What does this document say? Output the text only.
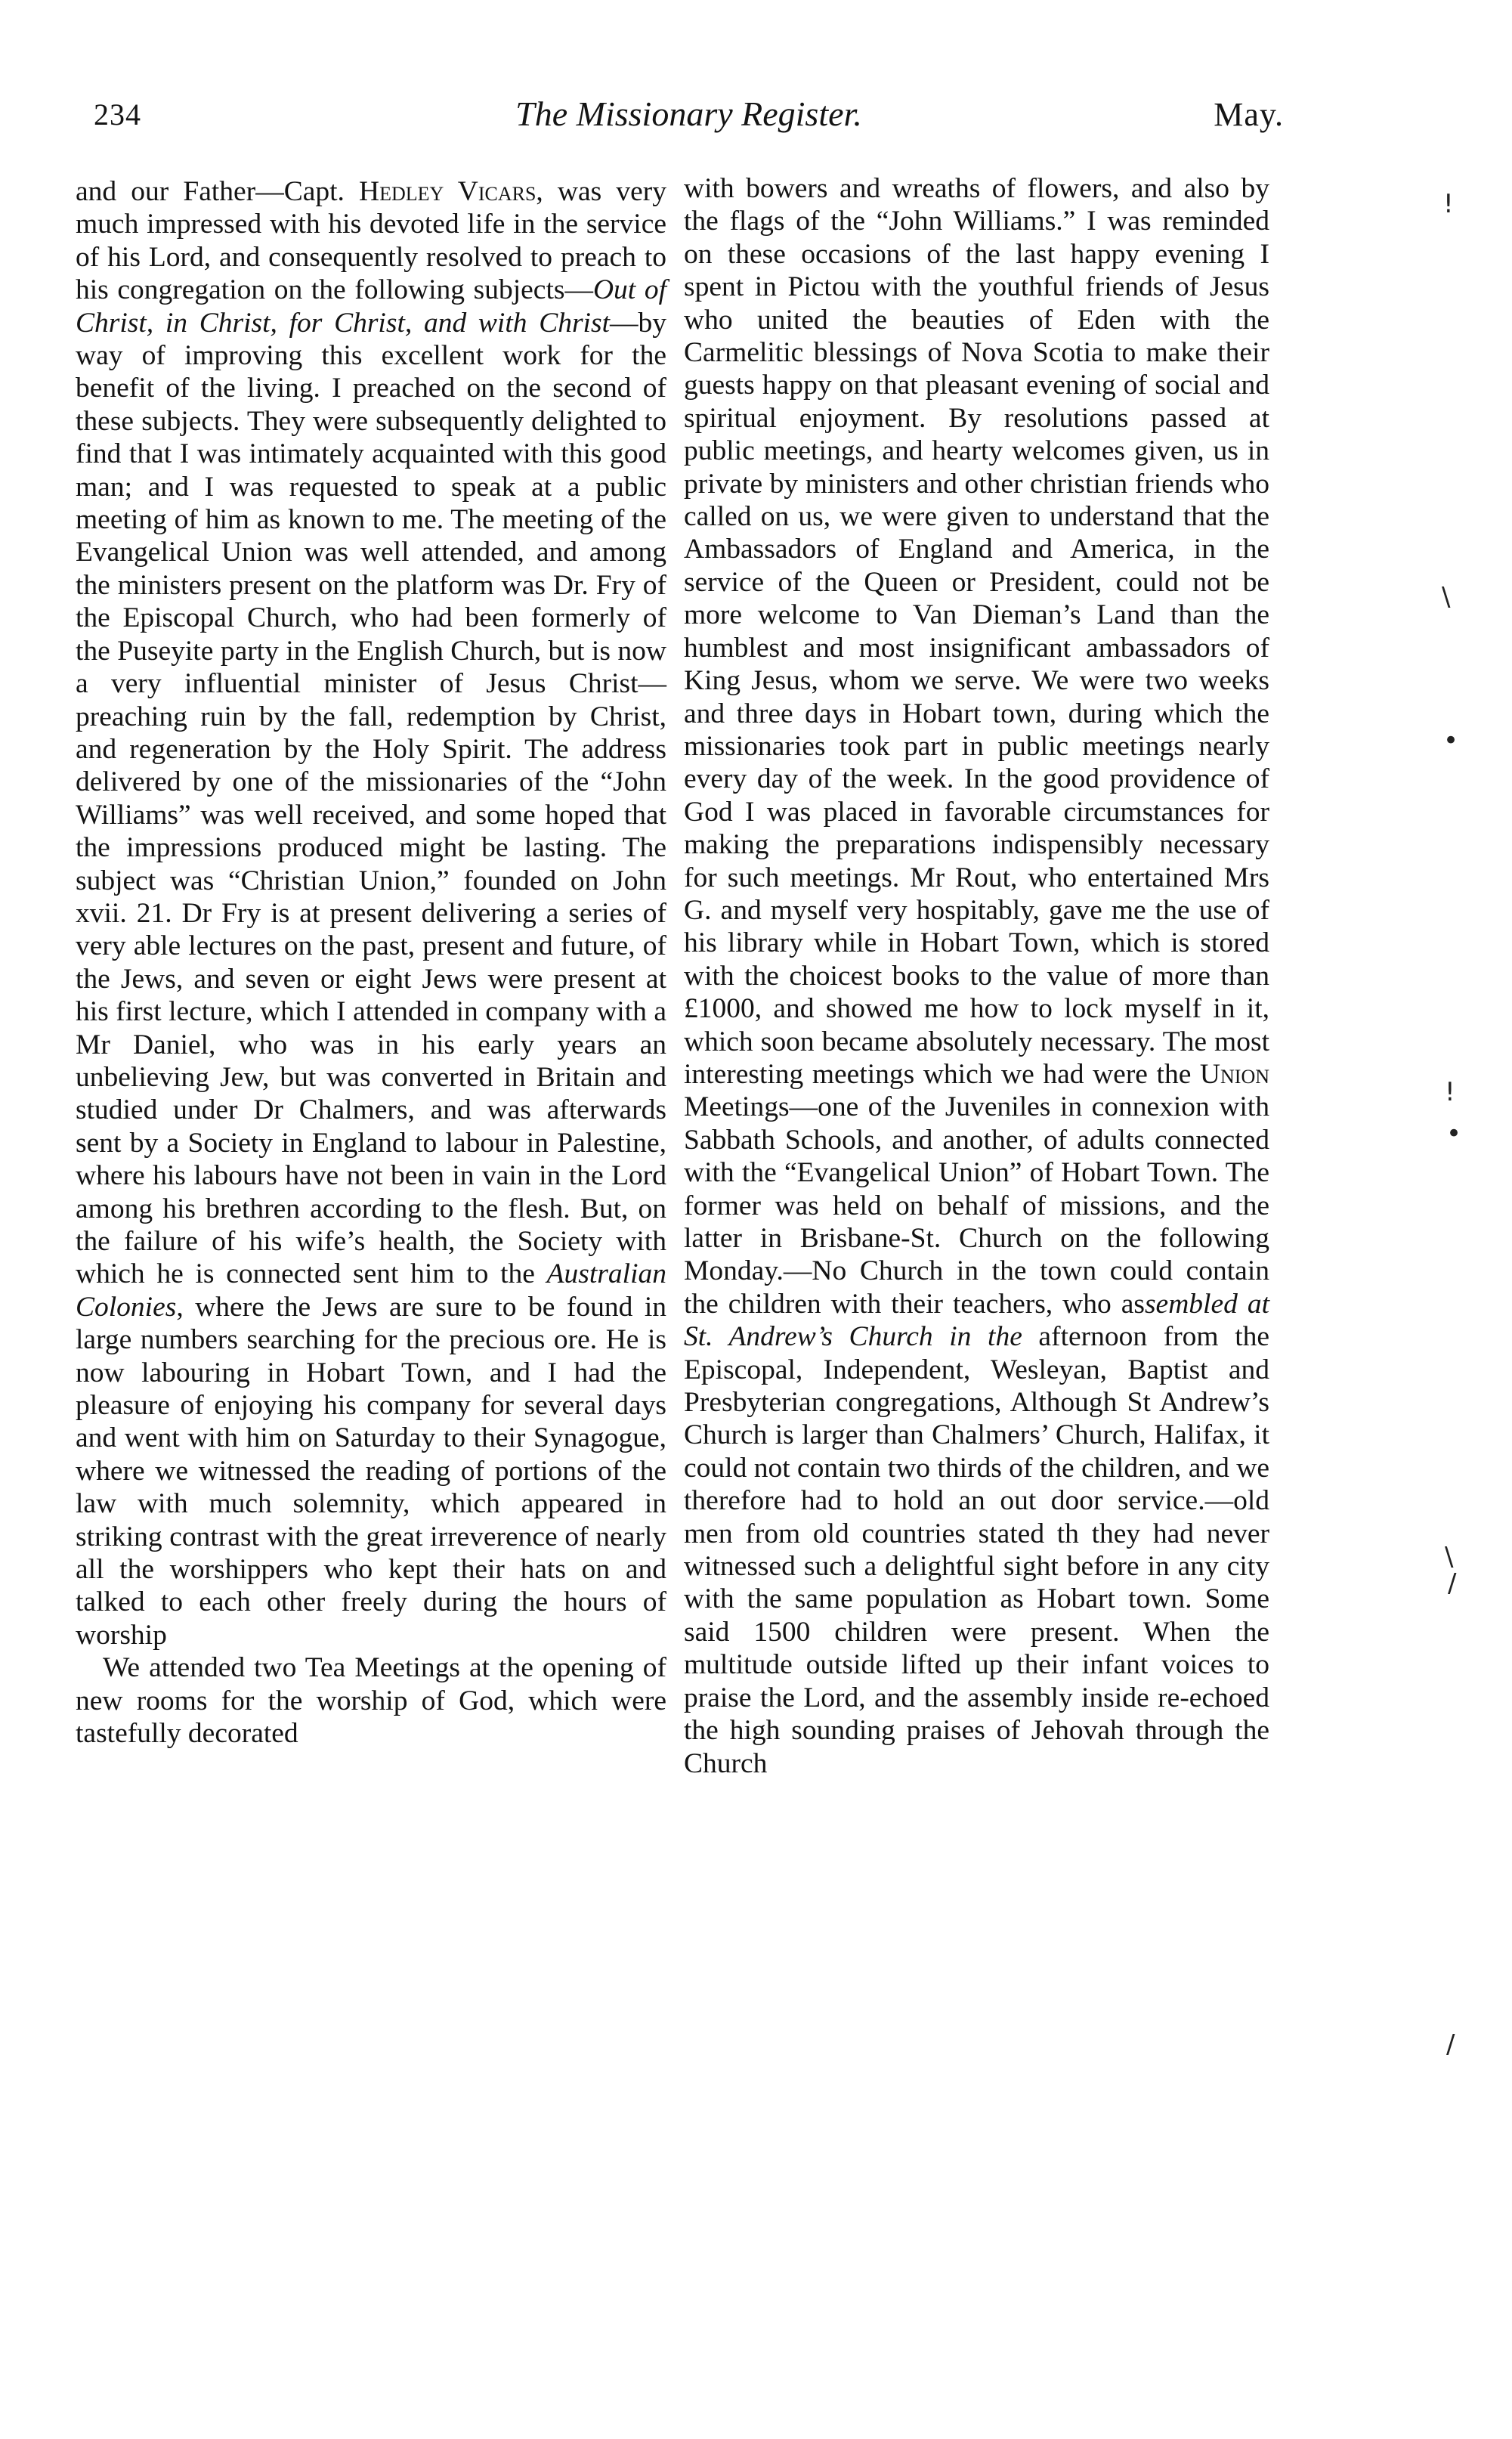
234	The Missionary Register.	May.

and our Father—Capt. Hedley Vicars, was very much impressed with his devoted life in the service of his Lord, and consequently resolved to preach to his congregation on the following subjects—Out of Christ, in Christ, for Christ, and with Christ—by way of improving this excellent work for the benefit of the living. I preached on the second of these subjects. They were subsequently delighted to find that I was intimately acquainted with this good man; and I was requested to speak at a public meeting of him as known to me. The meeting of the Evangelical Union was well attended, and among the ministers present on the platform was Dr. Fry of the Episcopal Church, who had been formerly of the Puseyite party in the English Church, but is now a very influential minister of Jesus Christ—preaching ruin by the fall, redemption by Christ, and regeneration by the Holy Spirit. The address delivered by one of the missionaries of the “John Williams” was well received, and some hoped that the impressions produced might be lasting. The subject was “Christian Union,” founded on John xvii. 21. Dr Fry is at present delivering a series of very able lectures on the past, present and future, of the Jews, and seven or eight Jews were present at his first lecture, which I attended in company with a Mr Daniel, who was in his early years an unbelieving Jew, but was converted in Britain and studied under Dr Chalmers, and was afterwards sent by a Society in England to labour in Palestine, where his labours have not been in vain in the Lord among his brethren according to the flesh. But, on the failure of his wife’s health, the Society with which he is connected sent him to the Australian Colonies, where the Jews are sure to be found in large numbers searching for the precious ore. He is now labouring in Hobart Town, and I had the pleasure of enjoying his company for several days and went with him on Saturday to their Synagogue, where we witnessed the reading of portions of the law with much solemnity, which appeared in striking contrast with the great irreverence of nearly all the worshippers who kept their hats on and talked to each other freely during the hours of worship

We attended two Tea Meetings at the opening of new rooms for the worship of God, which were tastefully decorated

with bowers and wreaths of flowers, and also by the flags of the “John Williams.” I was reminded on these occasions of the last happy evening I spent in Pictou with the youthful friends of Jesus who united the beauties of Eden with the Carmelitic blessings of Nova Scotia to make their guests happy on that pleasant evening of social and spiritual enjoyment. By resolutions passed at public meetings, and hearty welcomes given, us in private by ministers and other christian friends who called on us, we were given to understand that the Ambassadors of England and America, in the service of the Queen or President, could not be more welcome to Van Dieman’s Land than the humblest and most insignificant ambassadors of King Jesus, whom we serve. We were two weeks and three days in Hobart town, during which the missionaries took part in public meetings nearly every day of the week. In the good providence of God I was placed in favorable circumstances for making the preparations indispensibly necessary for such meetings. Mr Rout, who entertained Mrs G. and myself very hospitably, gave me the use of his library while in Hobart Town, which is stored with the choicest books to the value of more than £1000, and showed me how to lock myself in it, which soon became absolutely necessary. The most interesting meetings which we had were the Union Meetings—one of the Juveniles in connexion with Sabbath Schools, and another, of adults connected with the “Evangelical Union” of Hobart Town. The former was held on behalf of missions, and the latter in Brisbane-St. Church on the following Monday.—No Church in the town could contain the children with their teachers, who assembled at St. Andrew’s Church in the afternoon from the Episcopal, Independent, Wesleyan, Baptist and Presbyterian congregations, Although St Andrew’s Church is larger than Chalmers’ Church, Halifax, it could not contain two thirds of the children, and we therefore had to hold an out door service.—old men from old countries stated th they had never witnessed such a delightful sight before in any city with the same population as Hobart town. Some said 1500 children were present. When the multitude outside lifted up their infant voices to praise the Lord, and the assembly inside re-echoed the high sounding praises of Jehovah through the Church

!
\
•
!
•
\
/
/
